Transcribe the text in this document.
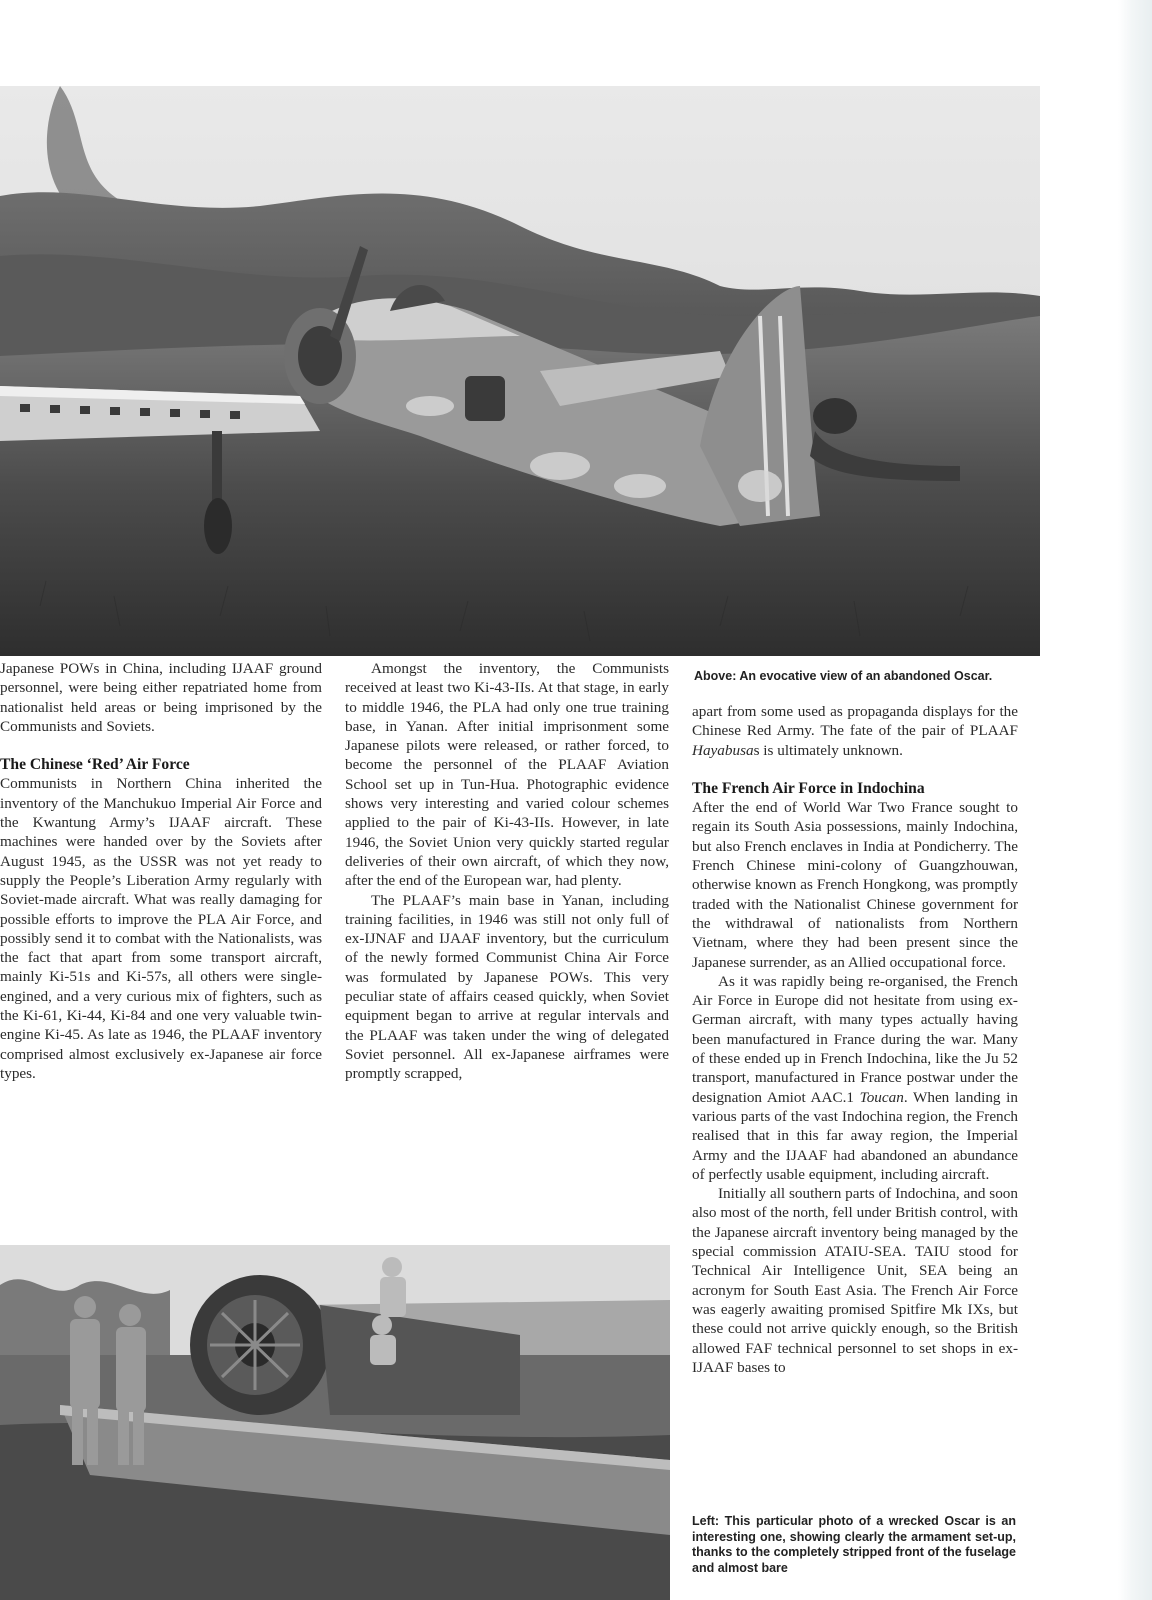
Japanese POWs in China, including IJAAF ground personnel, were being either repatriated home from nationalist held areas or being imprisoned by the Communists and Soviets.

The Chinese ‘Red’ Air Force

Communists in Northern China inherited the inventory of the Manchukuo Imperial Air Force and the Kwantung Army’s IJAAF aircraft. These machines were handed over by the Soviets after August 1945, as the USSR was not yet ready to supply the People’s Liberation Army regularly with Soviet-made aircraft. What was really damaging for possible efforts to improve the PLA Air Force, and possibly send it to combat with the Nationalists, was the fact that apart from some transport aircraft, mainly Ki-51s and Ki-57s, all others were single-engined, and a very curious mix of fighters, such as the Ki-61, Ki-44, Ki-84 and one very valuable twin-engine Ki-45. As late as 1946, the PLAAF inventory comprised almost exclusively ex-Japanese air force types.

Amongst the inventory, the Communists received at least two Ki-43-IIs. At that stage, in early to middle 1946, the PLA had only one true training base, in Yanan. After initial imprisonment some Japanese pilots were released, or rather forced, to become the personnel of the PLAAF Aviation School set up in Tun-Hua. Photographic evidence shows very interesting and varied colour schemes applied to the pair of Ki-43-IIs. However, in late 1946, the Soviet Union very quickly started regular deliveries of their own aircraft, of which they now, after the end of the European war, had plenty.

The PLAAF’s main base in Yanan, including training facilities, in 1946 was still not only full of ex-IJNAF and IJAAF inventory, but the curriculum of the newly formed Communist China Air Force was formulated by Japanese POWs. This very peculiar state of affairs ceased quickly, when Soviet equipment began to arrive at regular intervals and the PLAAF was taken under the wing of delegated Soviet personnel. All ex-Japanese airframes were promptly scrapped,

Above: An evocative view of an abandoned Oscar.

apart from some used as propaganda displays for the Chinese Red Army. The fate of the pair of PLAAF Hayabusas is ultimately unknown.

The French Air Force in Indochina

After the end of World War Two France sought to regain its South Asia possessions, mainly Indochina, but also French enclaves in India at Pondicherry. The French Chinese mini-colony of Guangzhouwan, otherwise known as French Hongkong, was promptly traded with the Nationalist Chinese government for the withdrawal of nationalists from Northern Vietnam, where they had been present since the Japanese surrender, as an Allied occupational force.

As it was rapidly being re-organised, the French Air Force in Europe did not hesitate from using ex-German aircraft, with many types actually having been manufactured in France during the war. Many of these ended up in French Indochina, like the Ju 52 transport, manufactured in France postwar under the designation Amiot AAC.1 Toucan. When landing in various parts of the vast Indochina region, the French realised that in this far away region, the Imperial Army and the IJAAF had abandoned an abundance of perfectly usable equipment, including aircraft.

Initially all southern parts of Indochina, and soon also most of the north, fell under British control, with the Japanese aircraft inventory being managed by the special commission ATAIU-SEA. TAIU stood for Technical Air Intelligence Unit, SEA being an acronym for South East Asia. The French Air Force was eagerly awaiting promised Spitfire Mk IXs, but these could not arrive quickly enough, so the British allowed FAF technical personnel to set shops in ex-IJAAF bases to

Left: This particular photo of a wrecked Oscar is an interesting one, showing clearly the armament set-up, thanks to the completely stripped front of the fuselage and almost bare
